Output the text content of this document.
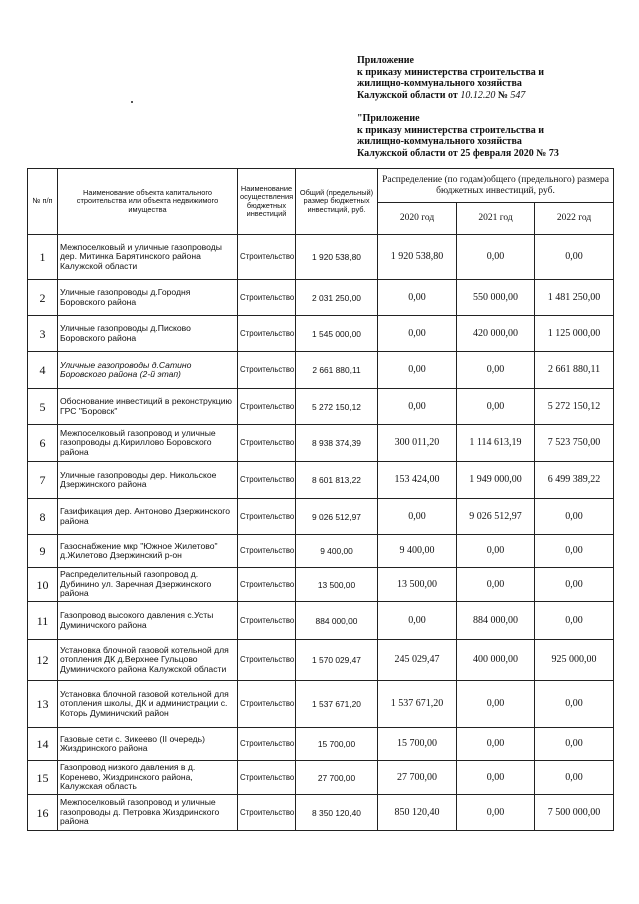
Приложение
к приказу министерства строительства и
жилищно-коммунального хозяйства
Калужской области от 10.12.20 № 547
"Приложение
к приказу министерства строительства и
жилищно-коммунального хозяйства
Калужской области от 25 февраля 2020 № 73
№ п/п	Наименование объекта капитального строительства или объекта недвижимого имущества	Наименование осуществления бюджетных инвестиций	Общий (предельный) размер бюджетных инвестиций, руб.	Распределение (по годам)общего (предельного) размера бюджетных инвестиций, руб.		
				2020 год	2021 год	2022 год
1	Межпоселковый и уличные газопроводы дер. Митинка Барятинского района Калужской области	Строительство	1 920 538,80	1 920 538,80	0,00	0,00
2	Уличные газопроводы д.Городня Боровского района	Строительство	2 031 250,00	0,00	550 000,00	1 481 250,00
3	Уличные газопроводы д.Писково Боровского района	Строительство	1 545 000,00	0,00	420 000,00	1 125 000,00
4	Уличные газопроводы д.Сатино Боровского района (2-й этап)	Строительство	2 661 880,11	0,00	0,00	2 661 880,11
5	Обоснование инвестиций в реконструкцию ГРС "Боровск"	Строительство	5 272 150,12	0,00	0,00	5 272 150,12
6	Межпоселковый газопровод и уличные газопроводы д.Кириллово Боровского района	Строительство	8 938 374,39	300 011,20	1 114 613,19	7 523 750,00
7	Уличные газопроводы дер. Никольское Дзержинского района	Строительство	8 601 813,22	153 424,00	1 949 000,00	6 499 389,22
8	Газификация дер. Антоново Дзержинского района	Строительство	9 026 512,97	0,00	9 026 512,97	0,00
9	Газоснабжение мкр "Южное Жилетово" д.Жилетово Дзержинский р-он	Строительство	9 400,00	9 400,00	0,00	0,00
10	Распределительный газопровод д. Дубинино ул. Заречная Дзержинского района	Строительство	13 500,00	13 500,00	0,00	0,00
11	Газопровод высокого давления с.Усты Думиничского района	Строительство	884 000,00	0,00	884 000,00	0,00
12	Установка блочной газовой котельной для отопления ДК д.Верхнее Гульцово Думиничского района Калужской области	Строительство	1 570 029,47	245 029,47	400 000,00	925 000,00
13	Установка блочной газовой котельной для отопления школы, ДК и администрации с. Которь Думиничский район	Строительство	1 537 671,20	1 537 671,20	0,00	0,00
14	Газовые сети с. Зикеево (II очередь) Жиздринского района	Строительство	15 700,00	15 700,00	0,00	0,00
15	Газопровод низкого давления в д. Коренево, Жиздринского района, Калужская область	Строительство	27 700,00	27 700,00	0,00	0,00
16	Межпоселковый газопровод и уличные газопроводы д. Петровка Жиздринского района	Строительство	8 350 120,40	850 120,40	0,00	7 500 000,00
